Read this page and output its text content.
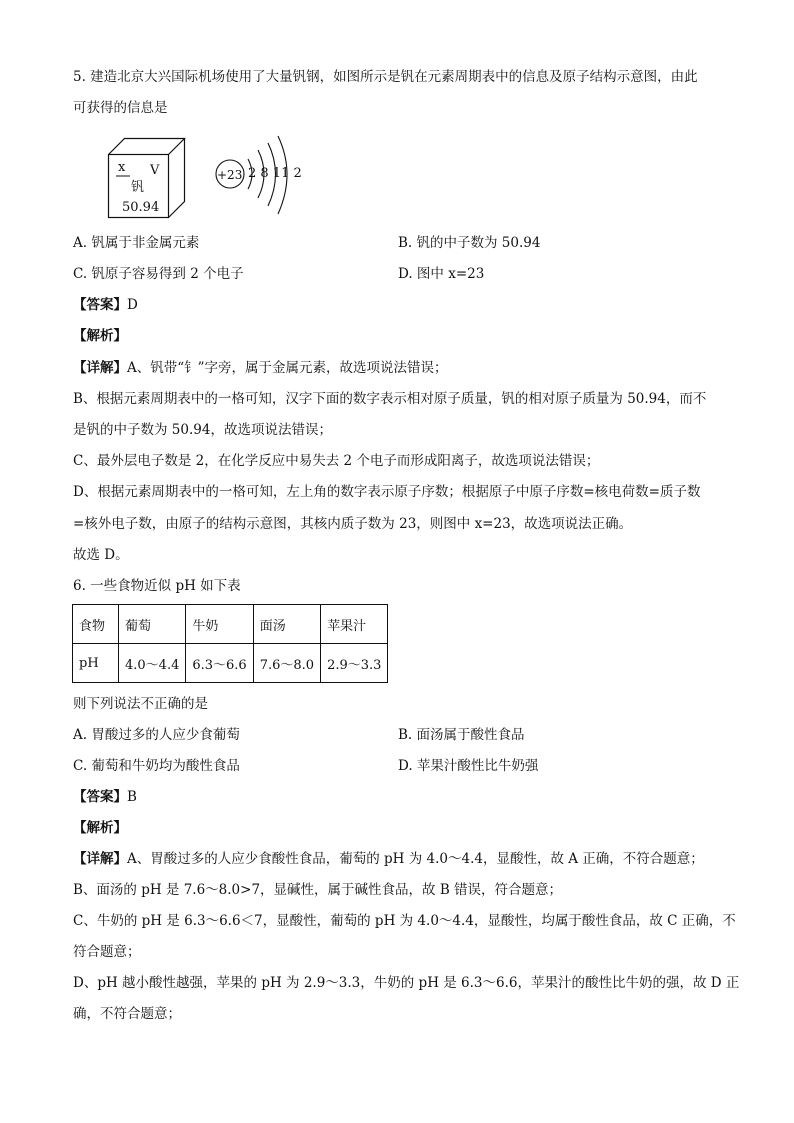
5. 建造北京大兴国际机场使用了大量钒钢，如图所示是钒在元素周期表中的信息及原子结构示意图，由此
可获得的信息是
x V
钒
50.94
+23 2 8 11 2
A. 钒属于非金属元素	B. 钒的中子数为 50.94
C. 钒原子容易得到 2 个电子	D. 图中 x=23
【答案】D
【解析】
【详解】A、钒带“钅”字旁，属于金属元素，故选项说法错误；
B、根据元素周期表中的一格可知，汉字下面的数字表示相对原子质量，钒的相对原子质量为 50.94，而不
是钒的中子数为 50.94，故选项说法错误；
C、最外层电子数是 2，在化学反应中易失去 2 个电子而形成阳离子，故选项说法错误；
D、根据元素周期表中的一格可知，左上角的数字表示原子序数；根据原子中原子序数=核电荷数=质子数
=核外电子数，由原子的结构示意图，其核内质子数为 23，则图中 x=23，故选项说法正确。
故选 D。
6. 一些食物近似 pH 如下表
食物	葡萄	牛奶	面汤	苹果汁
pH	4.0～4.4	6.3～6.6	7.6～8.0	2.9～3.3
则下列说法不正确的是
A. 胃酸过多的人应少食葡萄	B. 面汤属于酸性食品
C. 葡萄和牛奶均为酸性食品	D. 苹果汁酸性比牛奶强
【答案】B
【解析】
【详解】A、胃酸过多的人应少食酸性食品，葡萄的 pH 为 4.0～4.4，显酸性，故 A 正确，不符合题意；
B、面汤的 pH 是 7.6～8.0>7，显碱性，属于碱性食品，故 B 错误，符合题意；
C、牛奶的 pH 是 6.3～6.6＜7，显酸性，葡萄的 pH 为 4.0～4.4，显酸性，均属于酸性食品，故 C 正确，不
符合题意；
D、pH 越小酸性越强，苹果的 pH 为 2.9～3.3，牛奶的 pH 是 6.3～6.6，苹果汁的酸性比牛奶的强，故 D 正
确，不符合题意；
